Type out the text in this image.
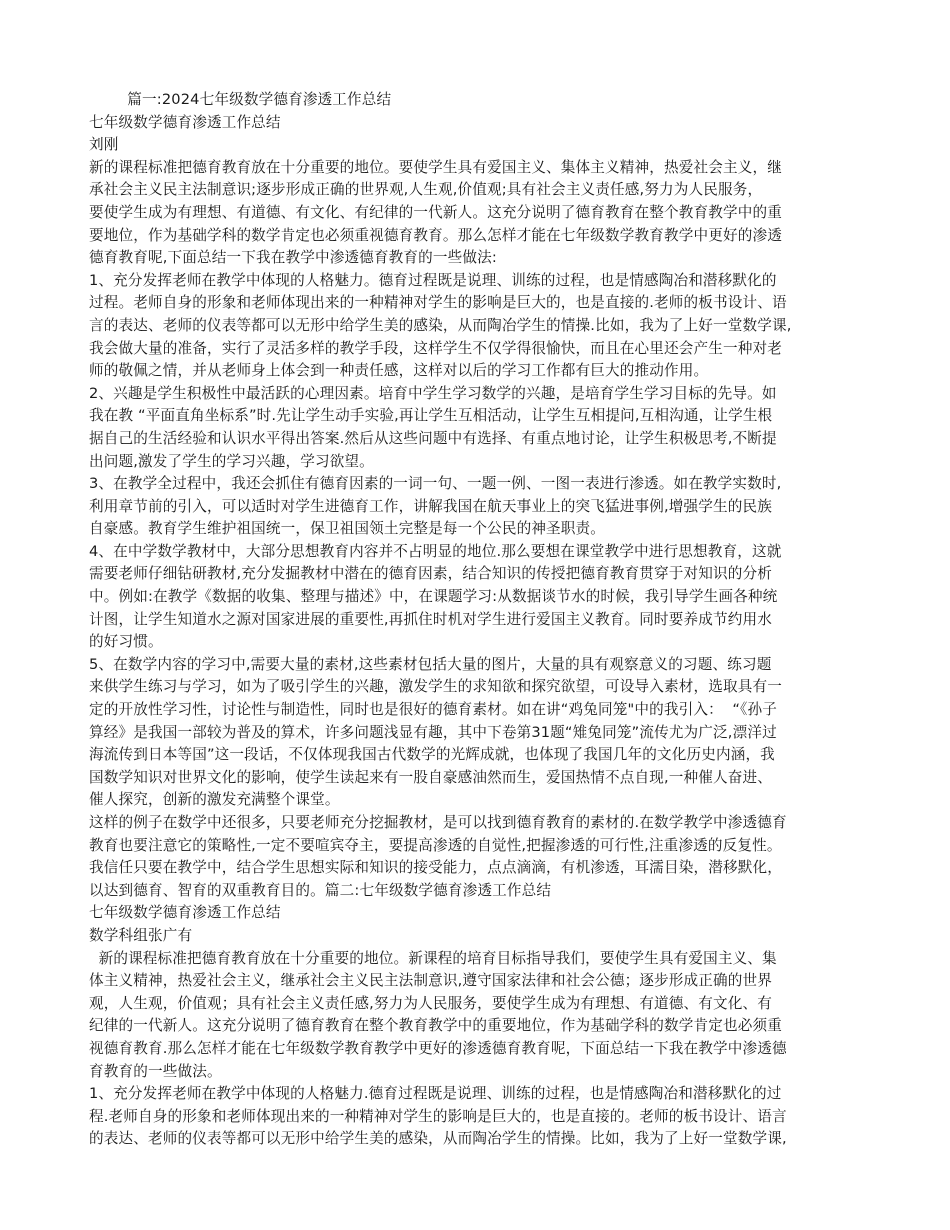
篇一:2024七年级数学德育渗透工作总结

七年级数学德育渗透工作总结

刘刚

新的课程标准把德育教育放在十分重要的地位。要使学生具有爱国主义、集体主义精神，热爱社会主义，继

承社会主义民主法制意识;逐步形成正确的世界观,人生观,价值观;具有社会主义责任感,努力为人民服务，

要使学生成为有理想、有道德、有文化、有纪律的一代新人。这充分说明了德育教育在整个教育教学中的重

要地位，作为基础学科的数学肯定也必须重视德育教育。那么怎样才能在七年级数学教育教学中更好的渗透

德育教育呢,下面总结一下我在教学中渗透德育教育的一些做法:

1、充分发挥老师在教学中体现的人格魅力。德育过程既是说理、训练的过程，也是情感陶冶和潜移默化的

过程。老师自身的形象和老师体现出来的一种精神对学生的影响是巨大的，也是直接的.老师的板书设计、语

言的表达、老师的仪表等都可以无形中给学生美的感染，从而陶冶学生的情操.比如，我为了上好一堂数学课,

我会做大量的准备，实行了灵活多样的教学手段，这样学生不仅学得很愉快，而且在心里还会产生一种对老

师的敬佩之情，并从老师身上体会到一种责任感，这样对以后的学习工作都有巨大的推动作用。

2、兴趣是学生积极性中最活跃的心理因素。培育中学生学习数学的兴趣，是培育学生学习目标的先导。如

我在教 “平面直角坐标系”时.先让学生动手实验,再让学生互相活动，让学生互相提问,互相沟通，让学生根

据自己的生活经验和认识水平得出答案.然后从这些问题中有选择、有重点地讨论，让学生积极思考,不断提

出问题,激发了学生的学习兴趣，学习欲望。

3、在教学全过程中，我还会抓住有德育因素的一词一句、一题一例、一图一表进行渗透。如在教学实数时,

利用章节前的引入，可以适时对学生进德育工作，讲解我国在航天事业上的突飞猛进事例,增强学生的民族

自豪感。教育学生维护祖国统一，保卫祖国领土完整是每一个公民的神圣职责。

4、在中学数学教材中，大部分思想教育内容并不占明显的地位.那么要想在课堂教学中进行思想教育，这就

需要老师仔细钻研教材,充分发掘教材中潜在的德育因素，结合知识的传授把德育教育贯穿于对知识的分析

中。例如:在教学《数据的收集、整理与描述》中，在课题学习:从数据谈节水的时候，我引导学生画各种统

计图，让学生知道水之源对国家进展的重要性,再抓住时机对学生进行爱国主义教育。同时要养成节约用水

的好习惯。

5、在数学内容的学习中,需要大量的素材,这些素材包括大量的图片，大量的具有观察意义的习题、练习题

来供学生练习与学习，如为了吸引学生的兴趣，激发学生的求知欲和探究欲望，可设导入素材，选取具有一

定的开放性学习性，讨论性与制造性，同时也是很好的德育素材。如在讲“鸡兔同笼"中的我引入：  “《孙子

算经》是我国一部较为普及的算术，许多问题浅显有趣，其中下卷第31题“雉兔同笼”流传尤为广泛,漂洋过

海流传到日本等国”这一段话，不仅体现我国古代数学的光辉成就，也体现了我国几年的文化历史内涵，我

国数学知识对世界文化的影响，使学生读起来有一股自豪感油然而生，爱国热情不点自现,一种催人奋进、

催人探究，创新的激发充满整个课堂。

这样的例子在数学中还很多，只要老师充分挖掘教材，是可以找到德育教育的素材的.在数学教学中渗透德育

教育也要注意它的策略性,一定不要喧宾夺主，要提高渗透的自觉性,把握渗透的可行性,注重渗透的反复性。

我信任只要在教学中，结合学生思想实际和知识的接受能力，点点滴滴，有机渗透，耳濡目染，潜移默化，

以达到德育、智育的双重教育目的。篇二:七年级数学德育渗透工作总结

七年级数学德育渗透工作总结

数学科组张广有

新的课程标准把德育教育放在十分重要的地位。新课程的培育目标指导我们，要使学生具有爱国主义、集

体主义精神，热爱社会主义，继承社会主义民主法制意识,遵守国家法律和社会公德；逐步形成正确的世界

观，人生观，价值观；具有社会主义责任感,努力为人民服务，要使学生成为有理想、有道德、有文化、有

纪律的一代新人。这充分说明了德育教育在整个教育教学中的重要地位，作为基础学科的数学肯定也必须重

视德育教育.那么怎样才能在七年级数学教育教学中更好的渗透德育教育呢，下面总结一下我在教学中渗透德

育教育的一些做法。

1、充分发挥老师在教学中体现的人格魅力.德育过程既是说理、训练的过程，也是情感陶冶和潜移默化的过

程.老师自身的形象和老师体现出来的一种精神对学生的影响是巨大的，也是直接的。老师的板书设计、语言

的表达、老师的仪表等都可以无形中给学生美的感染，从而陶冶学生的情操。比如，我为了上好一堂数学课,
